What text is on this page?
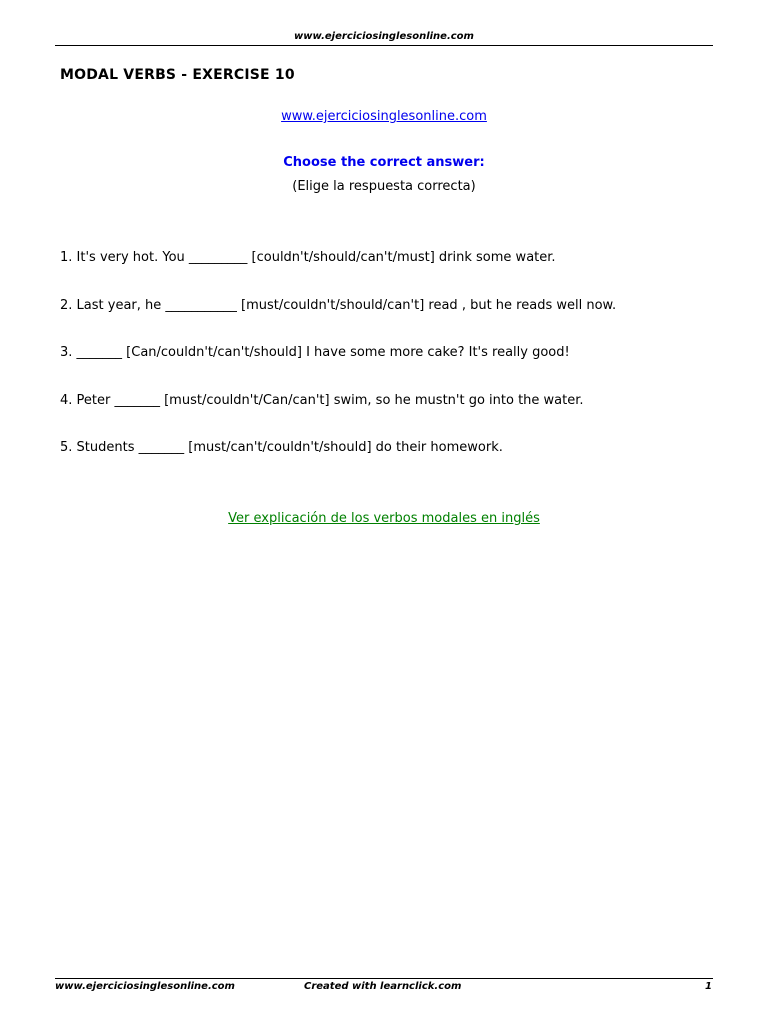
www.ejerciciosinglesonline.com
MODAL VERBS - EXERCISE 10
www.ejerciciosinglesonline.com
Choose the correct answer:
(Elige la respuesta correcta)
1. It's very hot. You _________ [couldn't/should/can't/must] drink some water.
2. Last year, he ___________ [must/couldn't/should/can't] read , but he reads well now.
3. _______ [Can/couldn't/can't/should] I have some more cake? It's really good!
4. Peter _______ [must/couldn't/Can/can't] swim, so he mustn't go into the water.
5. Students _______ [must/can't/couldn't/should] do their homework.
Ver explicación de los verbos modales en inglés
www.ejerciciosinglesonline.com	Created with learnclick.com	1
